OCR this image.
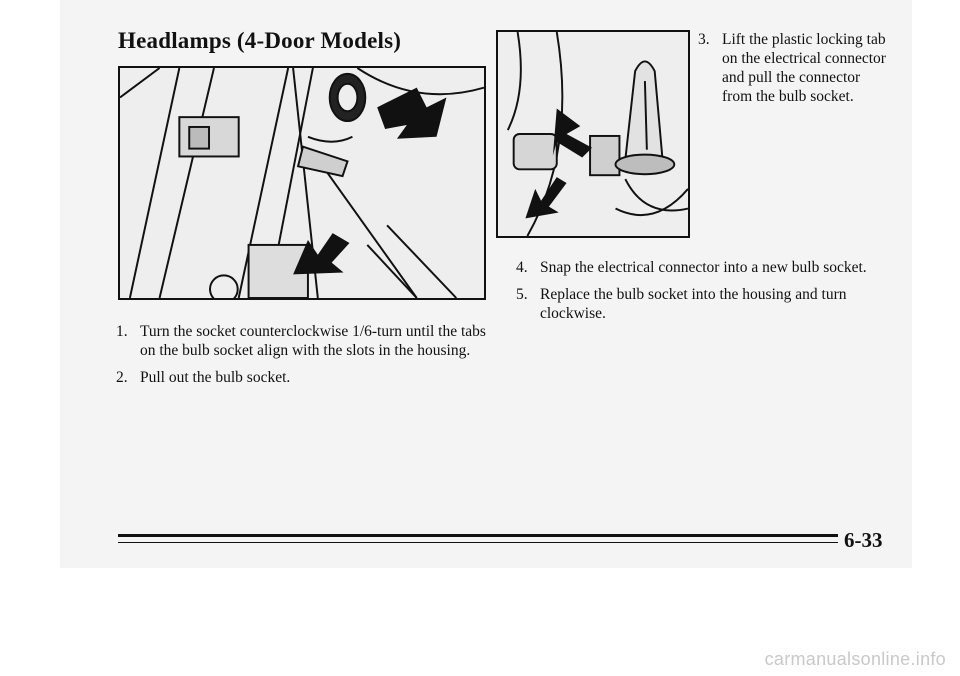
Headlamps (4-Door Models)	3. Lift the plastic locking tab on the electrical connector and pull the connector from the bulb socket.
4. Snap the electrical connector into a new bulb socket.
5. Replace the bulb socket into the housing and turn clockwise.
1. Turn the socket counterclockwise 1/6-turn until the tabs on the bulb socket align with the slots in the housing.
2. Pull out the bulb socket.
6-33
carmanualsonline.info
